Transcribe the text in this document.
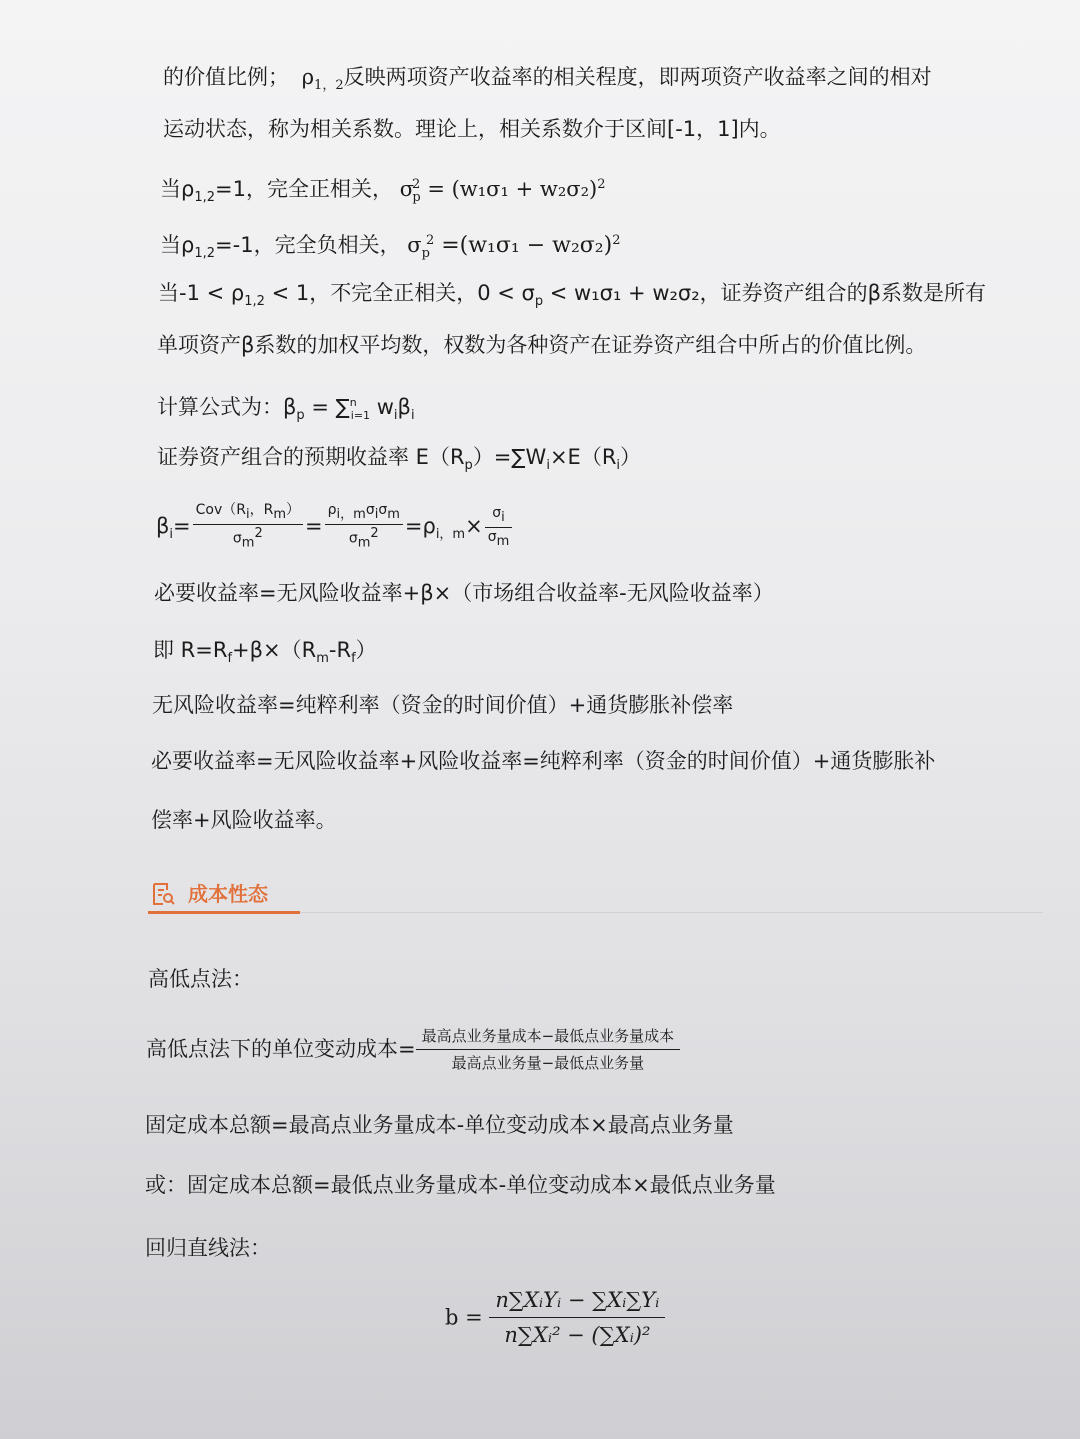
的价值比例； $\rho_{1,2}$反映两项资产收益率的相关程度，即两项资产收益率之间的相对
运动状态，称为相关系数。理论上，相关系数介于区间[-1，1]内。
当$\rho_{1,2}=1$，完全正相关， $\sigma^2_p = (w_1\sigma_1 + w_2\sigma_2)^2$
当$\rho_{1,2}=-1$，完全负相关， $\sigma_p^2 =(w_1\sigma_1 - w_2\sigma_2)^2$
当$-1 < \rho_{1,2} < 1$，不完全正相关，$0 < \sigma_p < w_1\sigma_1 + w_2\sigma_2$，证券资产组合的β系数是所有
单项资产β系数的加权平均数，权数为各种资产在证券资产组合中所占的价值比例。
计算公式为：$\beta_p = \sum^n_{i=1}$ $w_i\beta_i$
证券资产组合的预期收益率 $E(R_p)=\sum W_i\times E(R_i)$
$\beta_i= \frac{Cov(R_i,R_m)}{\sigma_m^2} = \frac{\rho_{i,m}\sigma_i\sigma_m}{\sigma_m^2} =\rho_{i,m}\times \frac{\sigma_i}{\sigma_m}$
必要收益率=无风险收益率+β×（市场组合收益率-无风险收益率）
即 $R=R_f+\beta\times(R_m-R_f)$
无风险收益率=纯粹利率（资金的时间价值）+通货膨胀补偿率
必要收益率=无风险收益率+风险收益率=纯粹利率（资金的时间价值）+通货膨胀补
偿率+风险收益率。
成本性态
高低点法：
高低点法下的单位变动成本= $\frac{\text{最高点业务量成本−最低点业务量成本}}{\text{最高点业务量−最低点业务量}}$
固定成本总额=最高点业务量成本-单位变动成本×最高点业务量
或：固定成本总额=最低点业务量成本-单位变动成本×最低点业务量
回归直线法：
b =
n∑XᵢYᵢ − ∑Xᵢ∑Yᵢ
n∑Xᵢ² − (∑Xᵢ)²
